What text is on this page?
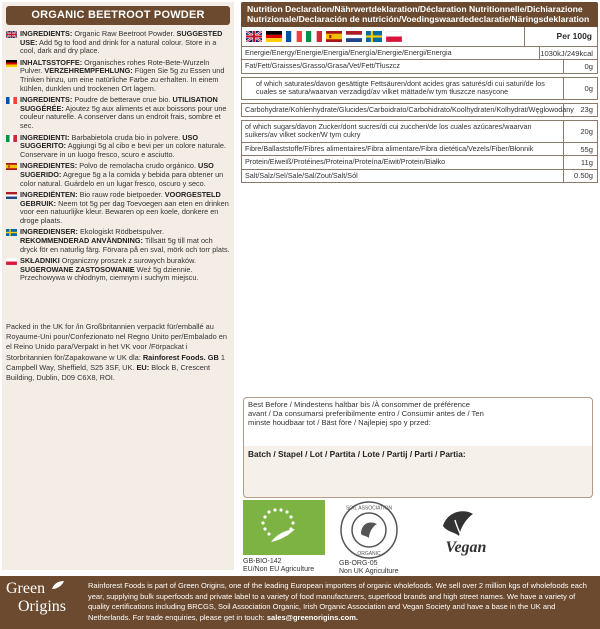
ORGANIC BEETROOT POWDER
INGREDIENTS: Organic Raw Beetroot Powder. SUGGESTED USE: Add 5g to food and drink for a natural colour. Store in a cool, dark and dry place.
INHALTSSTOFFE: Organisches rohes Rote-Bete-Wurzeln Pulver. VERZEHREMPFEHLUNG: Fügen Sie 5g zu Essen und Trinken hinzu, um eine natürliche Farbe zu erhalten. In einem kühlen, dunklen und trockenen Ort lagern.
INGREDIENTS: Poudre de betterave crue bio. UTILISATION SUGGÉRÉE: Ajoutez 5g aux aliments et aux boissons pour une couleur naturelle. A conserver dans un endroit frais, sombre et sec.
INGREDIENTI: Barbabietola cruda bio in polvere. USO SUGGERITO: Aggiungi 5g al cibo e bevi per un colore naturale. Conservare in un luogo fresco, scuro e asciutto.
INGREDIENTES: Polvo de remolacha crudo orgánico. USO SUGERIDO: Agregue 5g a la comida y bebida para obtener un color natural. Guárdelo en un lugar fresco, oscuro y seco.
INGREDIËNTEN: Bio rauw rode bietpoeder. VOORGESTELD GEBRUIK: Neem tot 5g per dag Toevoegen aan eten en drinken voor een natuurlijke kleur. Bewaren op een koele, donkere en droge plaats.
INGREDIENSER: Ekologiskt Rödbetspulver. REKOMMENDERAD ANVÄNDNING: Tillsätt 5g till mat och dryck för en naturlig färg. Förvara på en sval, mörk och torr plats.
SKŁADNIKI Organiczny proszek z surowych buraków. SUGEROWANE ZASTOSOWANIE Weź 5g dziennie. Przechowywa w chłodnym, ciemnym i suchym miejscu.
Packed in the UK for /in Großbritannien verpackt für/emballé au Royaume-Uni pour/Confezionato nel Regno Unito per/Embalado en el Reino Unido para/Verpakt in het VK voor /Förpackat i Storbritannien för/Zapakowane w UK dla: Rainforest Foods. GB 1 Campbell Way, Sheffield, S25 3SF, UK. EU: Block B, Crescent Building, Dublin, D09 C6X8, ROI.
Nutrition Declaration/Nährwertdeklaration/Déclaration Nutritionnelle/Dichiarazione Nutrizionale/Declaración de nutrición/Voedingswaardedeclaratie/Näringsdeklaration
Per 100g
Energie/Energy/Energie/Energia/Energía/Energie/Energi/Energia	1030kJ/249kcal
Fat/Fett/Graisses/Grasso/Grasa/Vet/Fett/Tłuszcz	0g
of which saturates/davon gesättigte Fettsäuren/dont acides gras saturés/di cui saturi/de los cuales se satura/waarvan verzadigd/av vilket mättade/w tym tłuszcze nasycone	0g
Carbohydrate/Kohlenhydrate/Glucides/Carboidrato/Carbohidrato/Koolhydraten/Kolhydrat/Węglowodany 23g
of which sugars/davon Zucker/dont sucres/di cui zuccheri/de los cuales azúcares/waarvan suikers/av vilket socker/W tym cukry	20g
Fibre/Ballaststoffe/Fibres alimentaires/Fibra alimentare/Fibra dietética/Vezels/Fiber/Błonnik	55g
Protein/Eiweiß/Protéines/Proteina/Proteína/Eiwit/Protein/Białko	11g
Salt/Salz/Sel/Sale/Sal/Zout/Salt/Sól	0.50g
Best Before / Mindestens haltbar bis /À consommer de préférence avant / Da consumarsi preferibilmente entro / Consumir antes de / Ten minste houdbaar tot / Bäst före / Najlepiej spo y przed:
Batch / Stapel / Lot / Partita / Lote / Partij / Parti / Partia:
GB-BIO-142
EU/Non EU Agriculture
SOIL ASSOCIATION
ORGANIC
GB-ORG-05
Non UK Agriculture
Vegan
Green
Origins
Rainforest Foods is part of Green Origins, one of the leading European importers of organic wholefoods. We sell over 2 million kgs of wholefoods each year, supplying bulk superfoods and private label to a variety of food manufacturers, superfood brands and high street names. We have a variety of quality certifications including BRCGS, Soil Association Organic, Irish Organic Association and Vegan Society and have a base in the UK and Netherlands. For trade enquiries, please get in touch: sales@greenorigins.com.
